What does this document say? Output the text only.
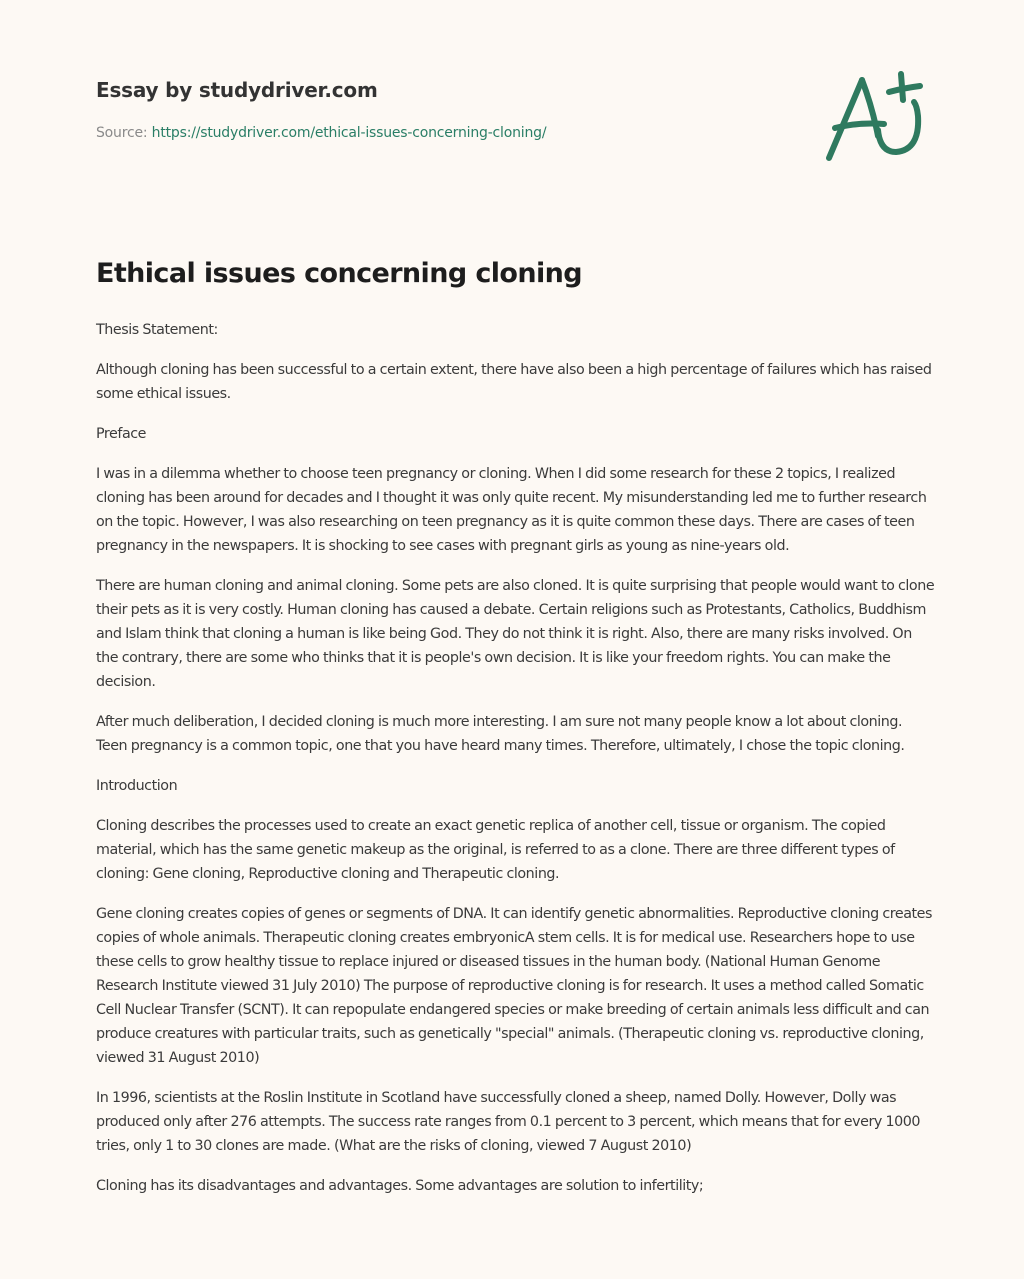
Essay by studydriver.com
Source: https://studydriver.com/ethical-issues-concerning-cloning/
Ethical issues concerning cloning

Thesis Statement:

Although cloning has been successful to a certain extent, there have also been a high percentage of failures which has raised some ethical issues.

Preface

I was in a dilemma whether to choose teen pregnancy or cloning. When I did some research for these 2 topics, I realized cloning has been around for decades and I thought it was only quite recent. My misunderstanding led me to further research on the topic. However, I was also researching on teen pregnancy as it is quite common these days. There are cases of teen pregnancy in the newspapers. It is shocking to see cases with pregnant girls as young as nine-years old.

There are human cloning and animal cloning. Some pets are also cloned. It is quite surprising that people would want to clone their pets as it is very costly. Human cloning has caused a debate. Certain religions such as Protestants, Catholics, Buddhism and Islam think that cloning a human is like being God. They do not think it is right. Also, there are many risks involved. On the contrary, there are some who thinks that it is people's own decision. It is like your freedom rights. You can make the decision.

After much deliberation, I decided cloning is much more interesting. I am sure not many people know a lot about cloning. Teen pregnancy is a common topic, one that you have heard many times. Therefore, ultimately, I chose the topic cloning.

Introduction

Cloning describes the processes used to create an exact genetic replica of another cell, tissue or organism. The copied material, which has the same genetic makeup as the original, is referred to as a clone. There are three different types of cloning: Gene cloning, Reproductive cloning and Therapeutic cloning.

Gene cloning creates copies of genes or segments of DNA. It can identify genetic abnormalities. Reproductive cloning creates copies of whole animals. Therapeutic cloning creates embryonicA stem cells. It is for medical use. Researchers hope to use these cells to grow healthy tissue to replace injured or diseased tissues in the human body. (National Human Genome Research Institute viewed 31 July 2010) The purpose of reproductive cloning is for research. It uses a method called Somatic Cell Nuclear Transfer (SCNT). It can repopulate endangered species or make breeding of certain animals less difficult and can produce creatures with particular traits, such as genetically "special" animals. (Therapeutic cloning vs. reproductive cloning, viewed 31 August 2010)

In 1996, scientists at the Roslin Institute in Scotland have successfully cloned a sheep, named Dolly. However, Dolly was produced only after 276 attempts. The success rate ranges from 0.1 percent to 3 percent, which means that for every 1000 tries, only 1 to 30 clones are made. (What are the risks of cloning, viewed 7 August 2010)

Cloning has its disadvantages and advantages. Some advantages are solution to infertility;
